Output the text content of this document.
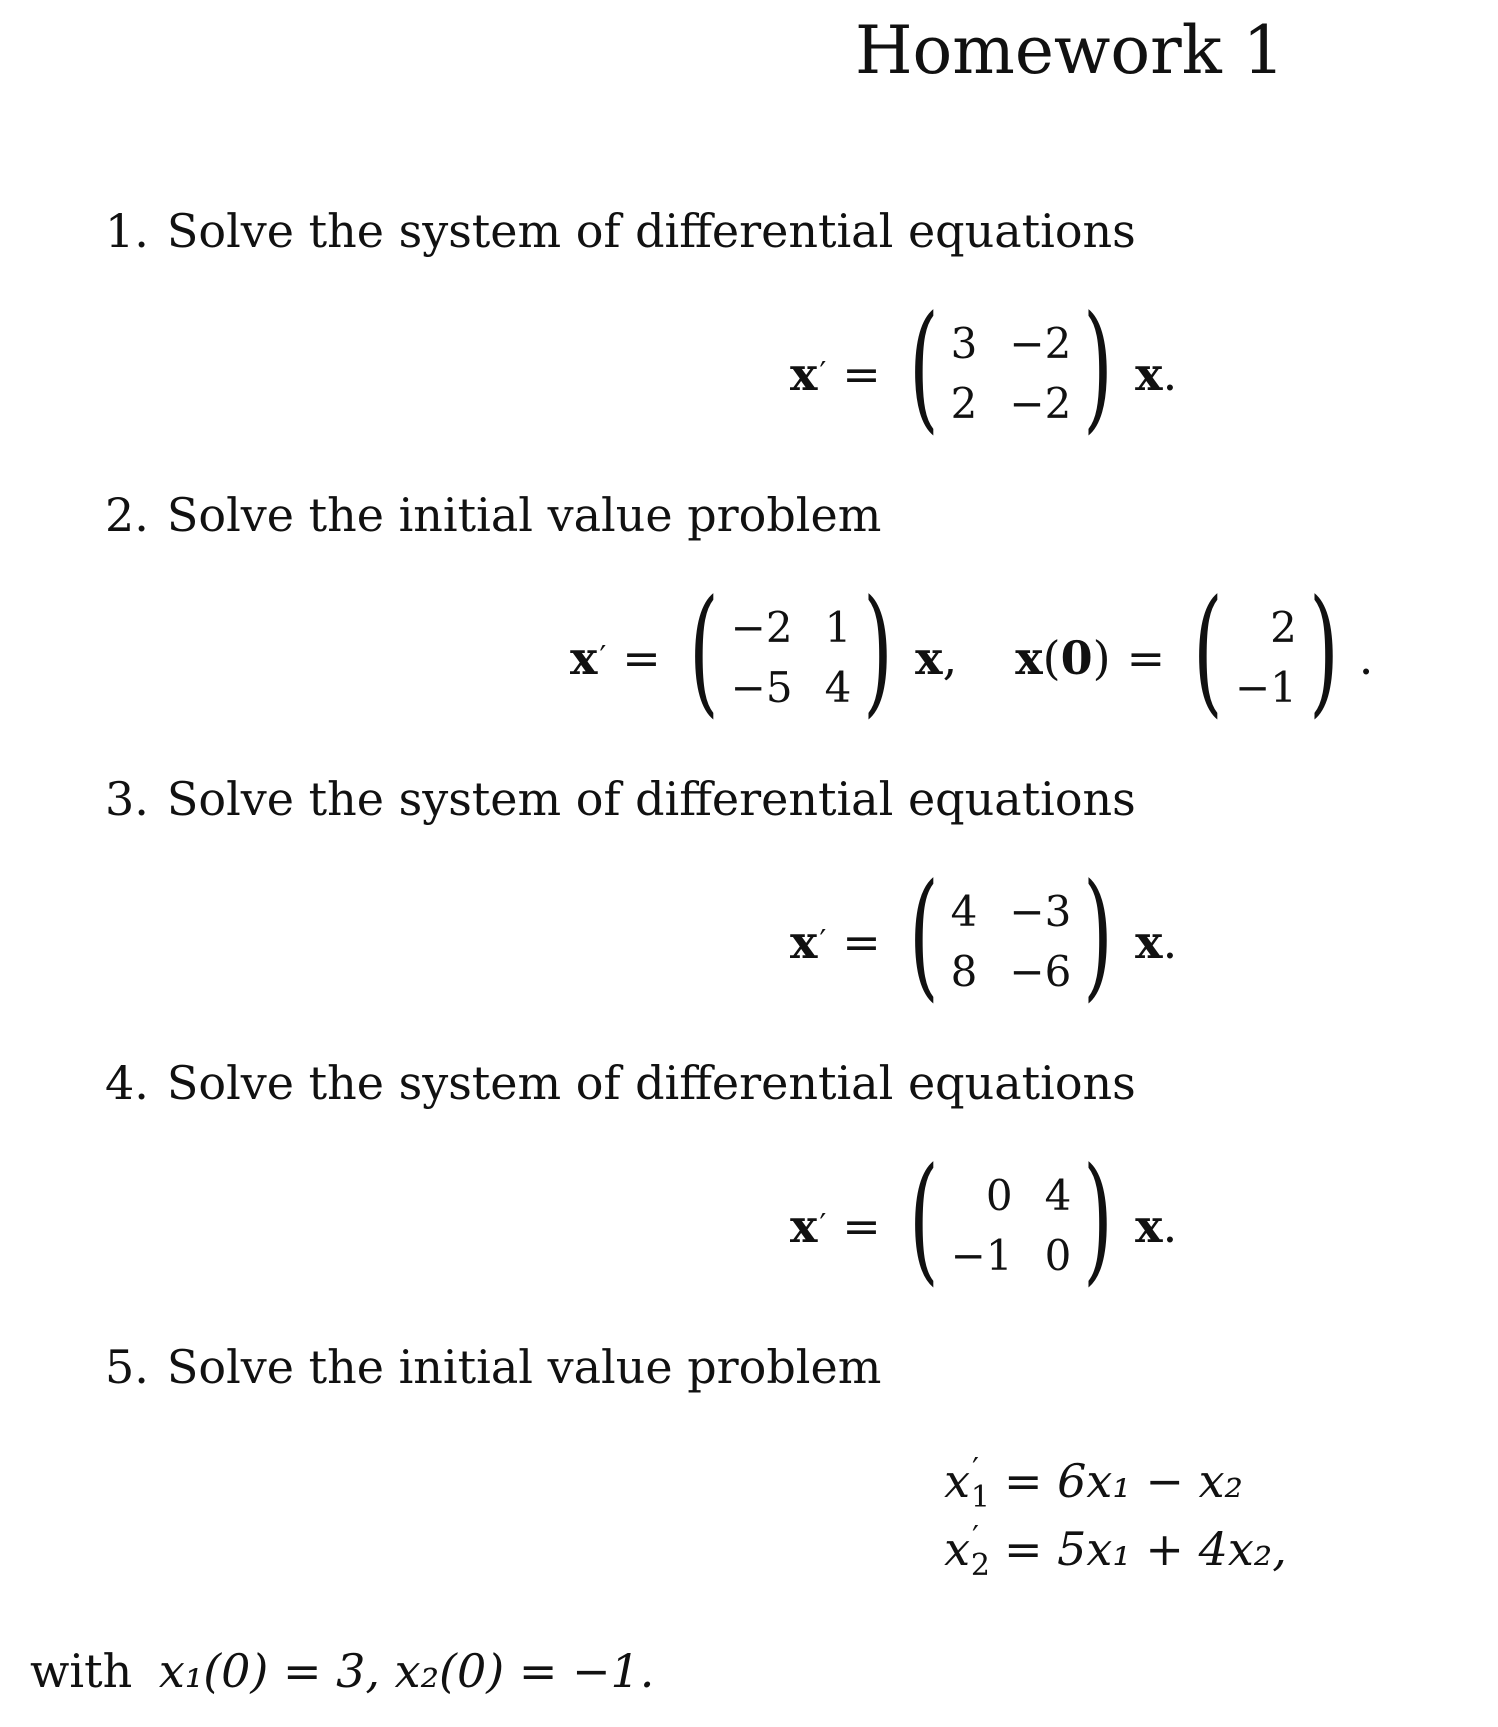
Homework 1
1. Solve the system of differential equations
x ′ = ( 3 −2
2 −2 ) x .
2. Solve the initial value problem
x ′ = ( −2 1
−5 4 ) x , x ( 0 ) = (	2
−1 ) .
3. Solve the system of differential equations
x ′ = ( 4 −3
8 −6 ) x .
4. Solve the system of differential equations
x ′ = (	0 4
−1 0 ) x .
5. Solve the initial value problem
$x'_1 = 6x_1 - x_2$
$x'_2 = 5x_1 + 4x_2$,
with x₁(0) = 3, x₂(0) = −1.
